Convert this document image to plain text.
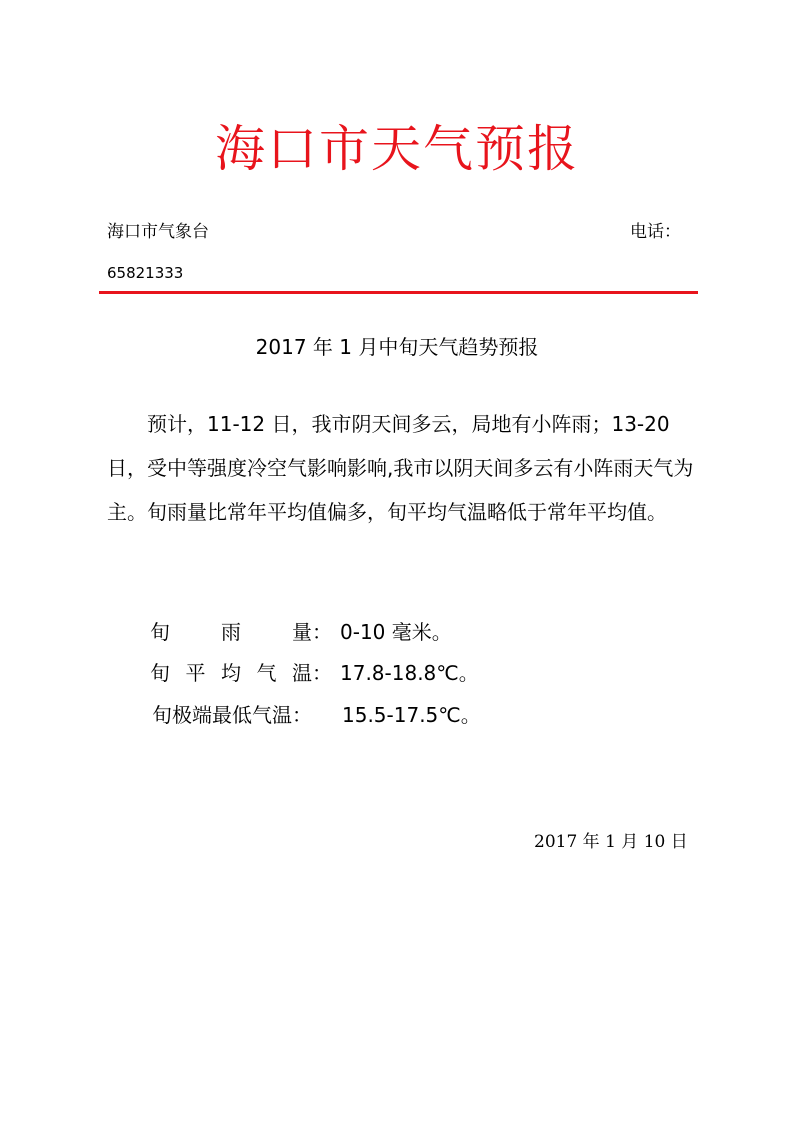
海口市天气预报
海口市气象台	电话：
65821333
2017 年 1 月中旬天气趋势预报

预计，11-12 日，我市阴天间多云，局地有小阵雨；13-20 日，受中等强度冷空气影响影响,我市以阴天间多云有小阵雨天气为主。旬雨量比常年平均值偏多，旬平均气温略低于常年平均值。

旬	雨	量： 0-10 毫米。
旬 平 均 气 温： 17.8-18.8℃。
旬极端最低气温：	15.5-17.5℃。
2017 年 1 月 10 日
